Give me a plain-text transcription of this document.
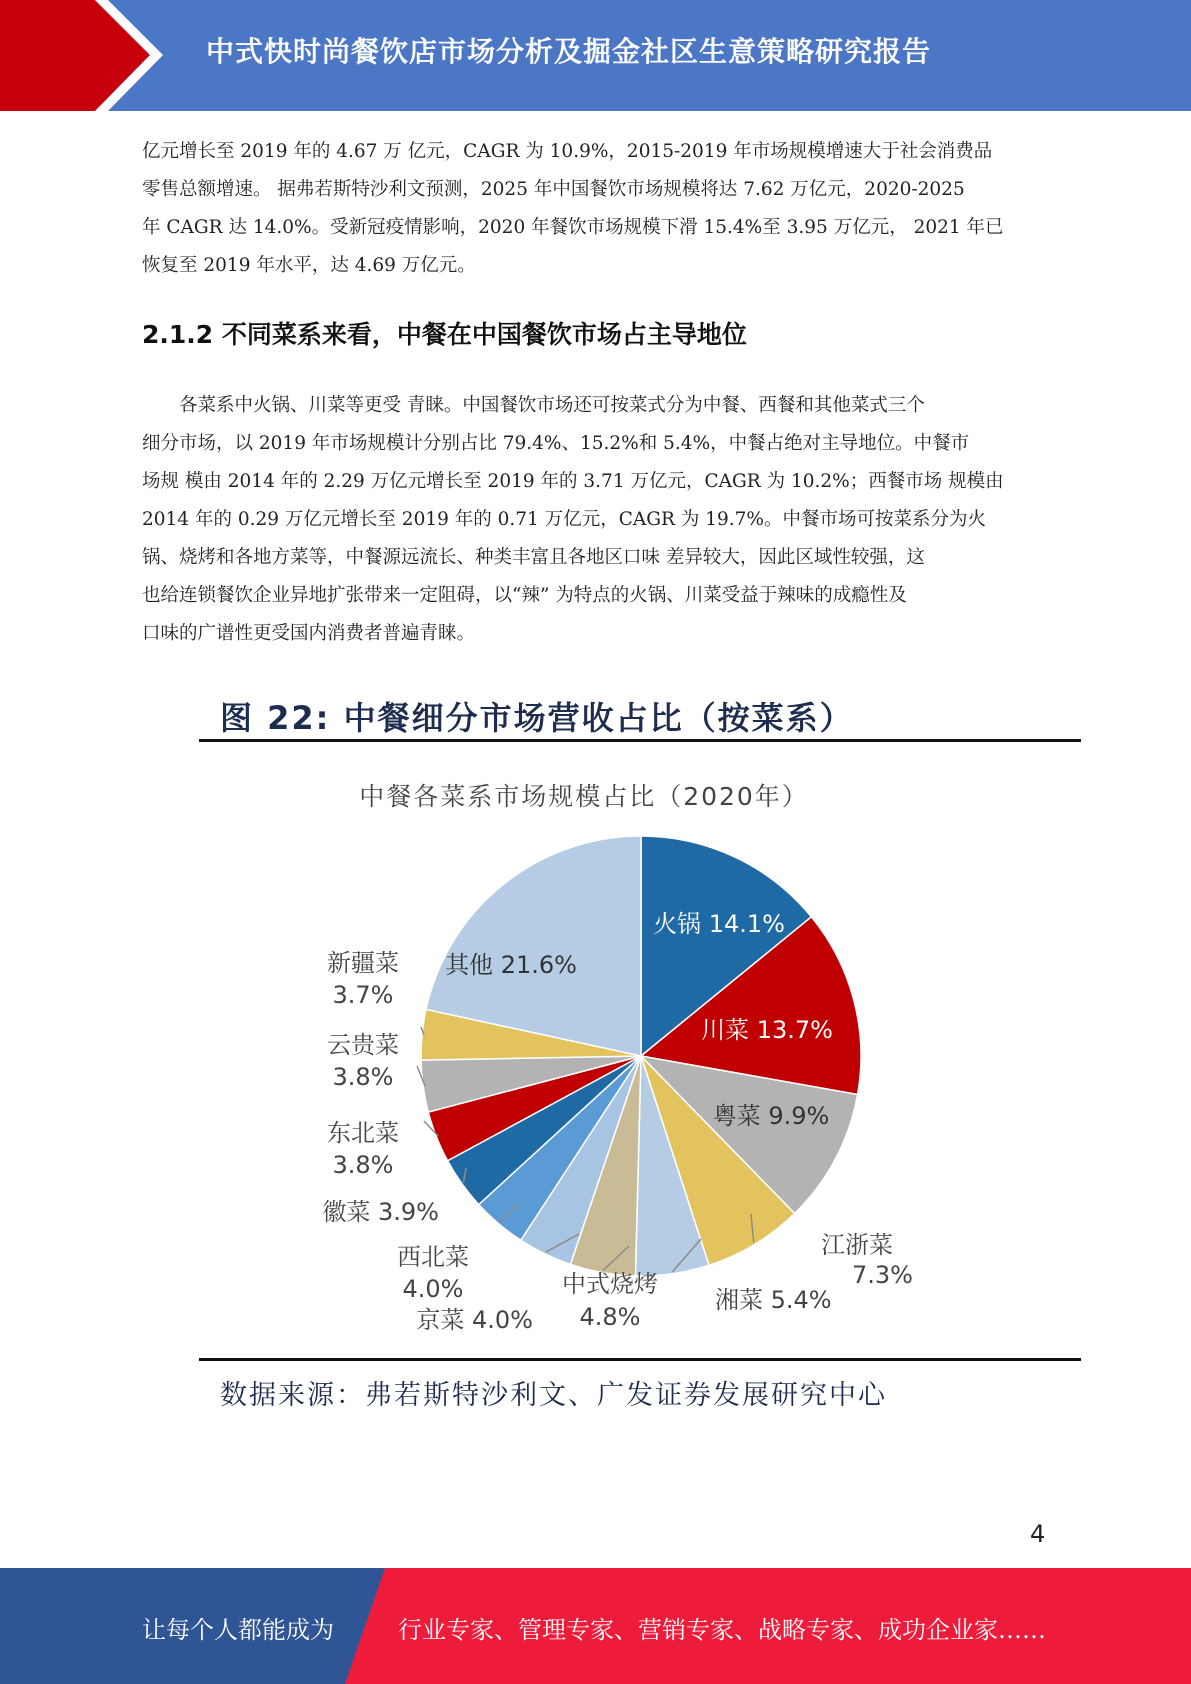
中式快时尚餐饮店市场分析及掘金社区生意策略研究报告
亿元增长至 2019 年的 4.67 万 亿元，CAGR 为 10.9%，2015-2019 年市场规模增速大于社会消费品
零售总额增速。 据弗若斯特沙利文预测，2025 年中国餐饮市场规模将达 7.62 万亿元，2020-2025
年 CAGR 达 14.0%。受新冠疫情影响，2020 年餐饮市场规模下滑 15.4%至 3.95 万亿元， 2021 年已
恢复至 2019 年水平，达 4.69 万亿元。
2.1.2 不同菜系来看，中餐在中国餐饮市场占主导地位
　　各菜系中火锅、川菜等更受 青睐。中国餐饮市场还可按菜式分为中餐、西餐和其他菜式三个
细分市场，以 2019 年市场规模计分别占比 79.4%、15.2%和 5.4%，中餐占绝对主导地位。中餐市
场规 模由 2014 年的 2.29 万亿元增长至 2019 年的 3.71 万亿元，CAGR 为 10.2%；西餐市场 规模由
2014 年的 0.29 万亿元增长至 2019 年的 0.71 万亿元，CAGR 为 19.7%。中餐市场可按菜系分为火
锅、烧烤和各地方菜等，中餐源远流长、种类丰富且各地区口味 差异较大，因此区域性较强，这
也给连锁餐饮企业异地扩张带来一定阻碍，以“辣” 为特点的火锅、川菜受益于辣味的成瘾性及
口味的广谱性更受国内消费者普遍青睐。
图 22: 中餐细分市场营收占比（按菜系）
中餐各菜系市场规模占比（2020年）
火锅 14.1%
川菜 13.7%
粤菜 9.9%
江浙菜
7.3%
湘菜 5.4%
中式烧烤
4.8%
京菜 4.0%
西北菜
4.0%
徽菜 3.9%
东北菜
3.8%
云贵菜
3.8%
新疆菜
3.7%
其他 21.6%
数据来源：弗若斯特沙利文、广发证券发展研究中心
4
让每个人都能成为	行业专家、管理专家、营销专家、战略专家、成功企业家……
